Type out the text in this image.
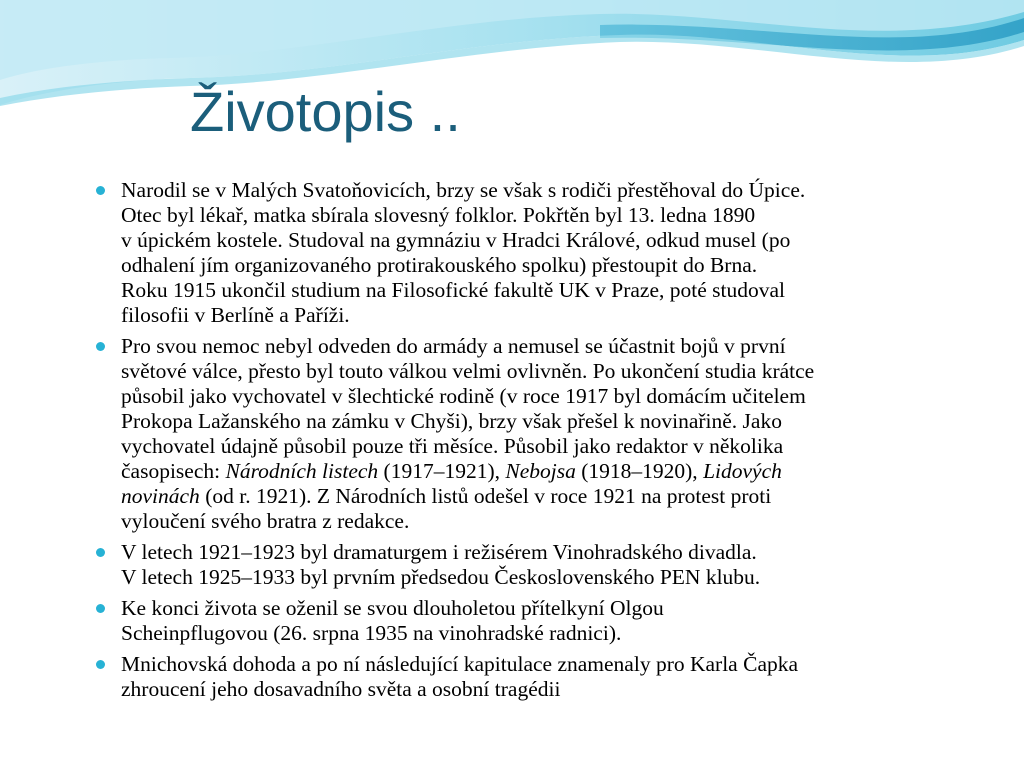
Životopis ..
Narodil se v Malých Svatoňovicích, brzy se však s rodiči přestěhoval do Úpice.
Otec byl lékař, matka sbírala slovesný folklor. Pokřtěn byl 13. ledna 1890
v úpickém kostele. Studoval na gymnáziu v Hradci Králové, odkud musel (po
odhalení jím organizovaného protirakouského spolku) přestoupit do Brna.
Roku 1915 ukončil studium na Filosofické fakultě UK v Praze, poté studoval
filosofii v Berlíně a Paříži.
Pro svou nemoc nebyl odveden do armády a nemusel se účastnit bojů v první
světové válce, přesto byl touto válkou velmi ovlivněn. Po ukončení studia krátce
působil jako vychovatel v šlechtické rodině (v roce 1917 byl domácím učitelem
Prokopa Lažanského na zámku v Chyši), brzy však přešel k novinařině. Jako
vychovatel údajně působil pouze tři měsíce. Působil jako redaktor v několika
časopisech: Národních listech (1917–1921), Nebojsa (1918–1920), Lidových
novinách (od r. 1921). Z Národních listů odešel v roce 1921 na protest proti
vyloučení svého bratra z redakce.
V letech 1921–1923 byl dramaturgem i režisérem Vinohradského divadla.
V letech 1925–1933 byl prvním předsedou Československého PEN klubu.
Ke konci života se oženil se svou dlouholetou přítelkyní Olgou
Scheinpflugovou (26. srpna 1935 na vinohradské radnici).
Mnichovská dohoda a po ní následující kapitulace znamenaly pro Karla Čapka
zhroucení jeho dosavadního světa a osobní tragédii
